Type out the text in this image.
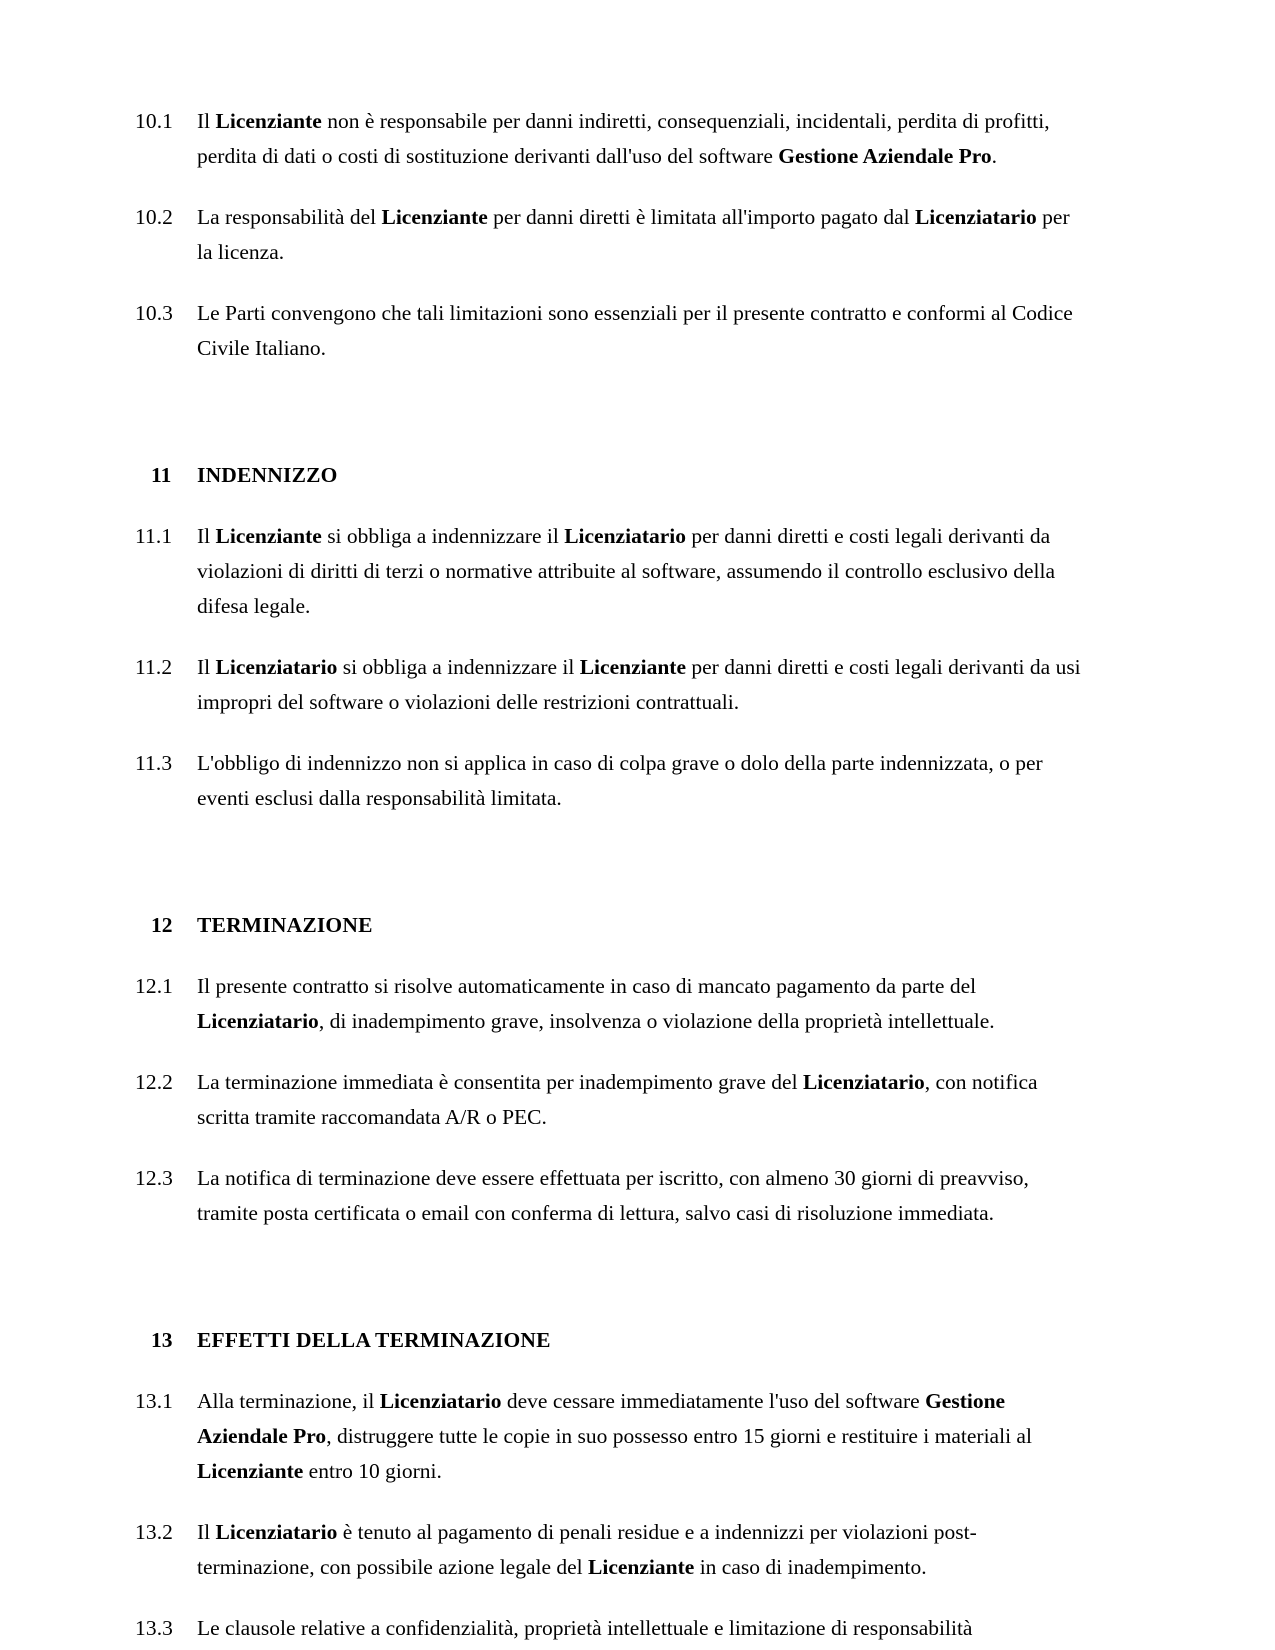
10.1	Il Licenziante non è responsabile per danni indiretti, consequenziali, incidentali, perdita di profitti, perdita di dati o costi di sostituzione derivanti dall'uso del software Gestione Aziendale Pro.
10.2	La responsabilità del Licenziante per danni diretti è limitata all'importo pagato dal Licenziatario per la licenza.
10.3	Le Parti convengono che tali limitazioni sono essenziali per il presente contratto e conformi al Codice Civile Italiano.
11	INDENNIZZO
11.1	Il Licenziante si obbliga a indennizzare il Licenziatario per danni diretti e costi legali derivanti da violazioni di diritti di terzi o normative attribuite al software, assumendo il controllo esclusivo della difesa legale.
11.2	Il Licenziatario si obbliga a indennizzare il Licenziante per danni diretti e costi legali derivanti da usi impropri del software o violazioni delle restrizioni contrattuali.
11.3	L'obbligo di indennizzo non si applica in caso di colpa grave o dolo della parte indennizzata, o per eventi esclusi dalla responsabilità limitata.
12	TERMINAZIONE
12.1	Il presente contratto si risolve automaticamente in caso di mancato pagamento da parte del Licenziatario, di inadempimento grave, insolvenza o violazione della proprietà intellettuale.
12.2	La terminazione immediata è consentita per inadempimento grave del Licenziatario, con notifica scritta tramite raccomandata A/R o PEC.
12.3	La notifica di terminazione deve essere effettuata per iscritto, con almeno 30 giorni di preavviso, tramite posta certificata o email con conferma di lettura, salvo casi di risoluzione immediata.
13	EFFETTI DELLA TERMINAZIONE
13.1	Alla terminazione, il Licenziatario deve cessare immediatamente l'uso del software Gestione Aziendale Pro, distruggere tutte le copie in suo possesso entro 15 giorni e restituire i materiali al Licenziante entro 10 giorni.
13.2	Il Licenziatario è tenuto al pagamento di penali residue e a indennizzi per violazioni post-terminazione, con possibile azione legale del Licenziante in caso di inadempimento.
13.3	Le clausole relative a confidenzialità, proprietà intellettuale e limitazione di responsabilità
